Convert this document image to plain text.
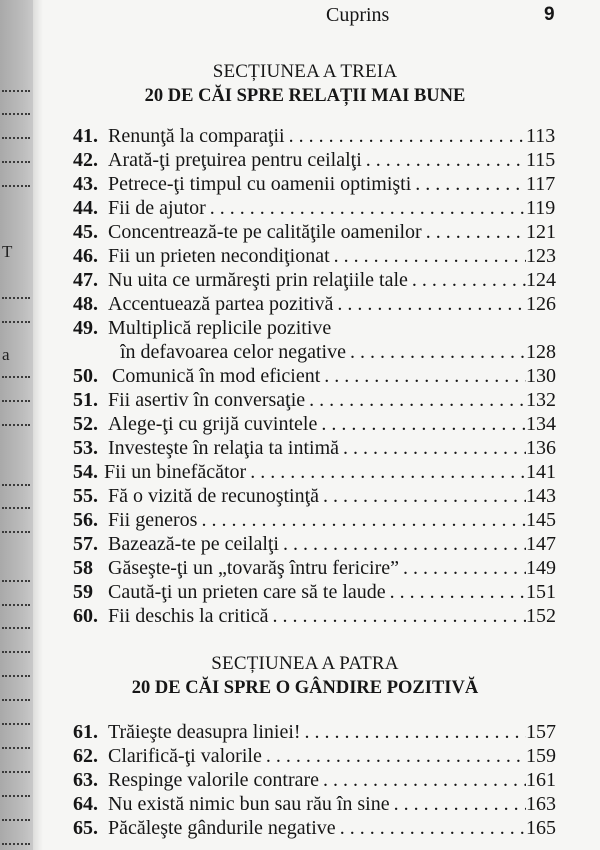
T
a
Cuprins	9
SECȚIUNEA A TREIA
20 DE CĂI SPRE RELAȚII MAI BUNE
41. Renunţă la comparaţii . . .	113
42. Arată-ţi preţuirea pentru ceilalţi . . .	115
43. Petrece-ţi timpul cu oamenii optimişti . . .	117
44. Fii de ajutor . . .	119
45. Concentrează-te pe calităţile oamenilor . . .	121
46. Fii un prieten necondiţionat . . .	123
47. Nu uita ce urmăreşti prin relaţiile tale . . .	124
48. Accentuează partea pozitivă . . .	126
49. Multiplică replicile pozitive
în defavoarea celor negative . . .	128
50. Comunică în mod eficient . . .	130
51. Fii asertiv în conversaţie . . .	132
52. Alege-ţi cu grijă cuvintele . . .	134
53. Investeşte în relaţia ta intimă . . .	136
54. Fii un binefăcător . . .	141
55. Fă o vizită de recunoştinţă . . .	143
56. Fii generos . . .	145
57. Bazează-te pe ceilalţi . . .	147
58 Găseşte-ţi un „tovarăş întru fericire” . . .	149
59 Caută-ţi un prieten care să te laude . . .	151
60. Fii deschis la critică . . .	152
SECȚIUNEA A PATRA
20 DE CĂI SPRE O GÂNDIRE POZITIVĂ
61. Trăieşte deasupra liniei! . . .	157
62. Clarifică-ţi valorile . . .	159
63. Respinge valorile contrare . . .	161
64. Nu există nimic bun sau rău în sine . . .	163
65. Păcăleşte gândurile negative . . .	165
